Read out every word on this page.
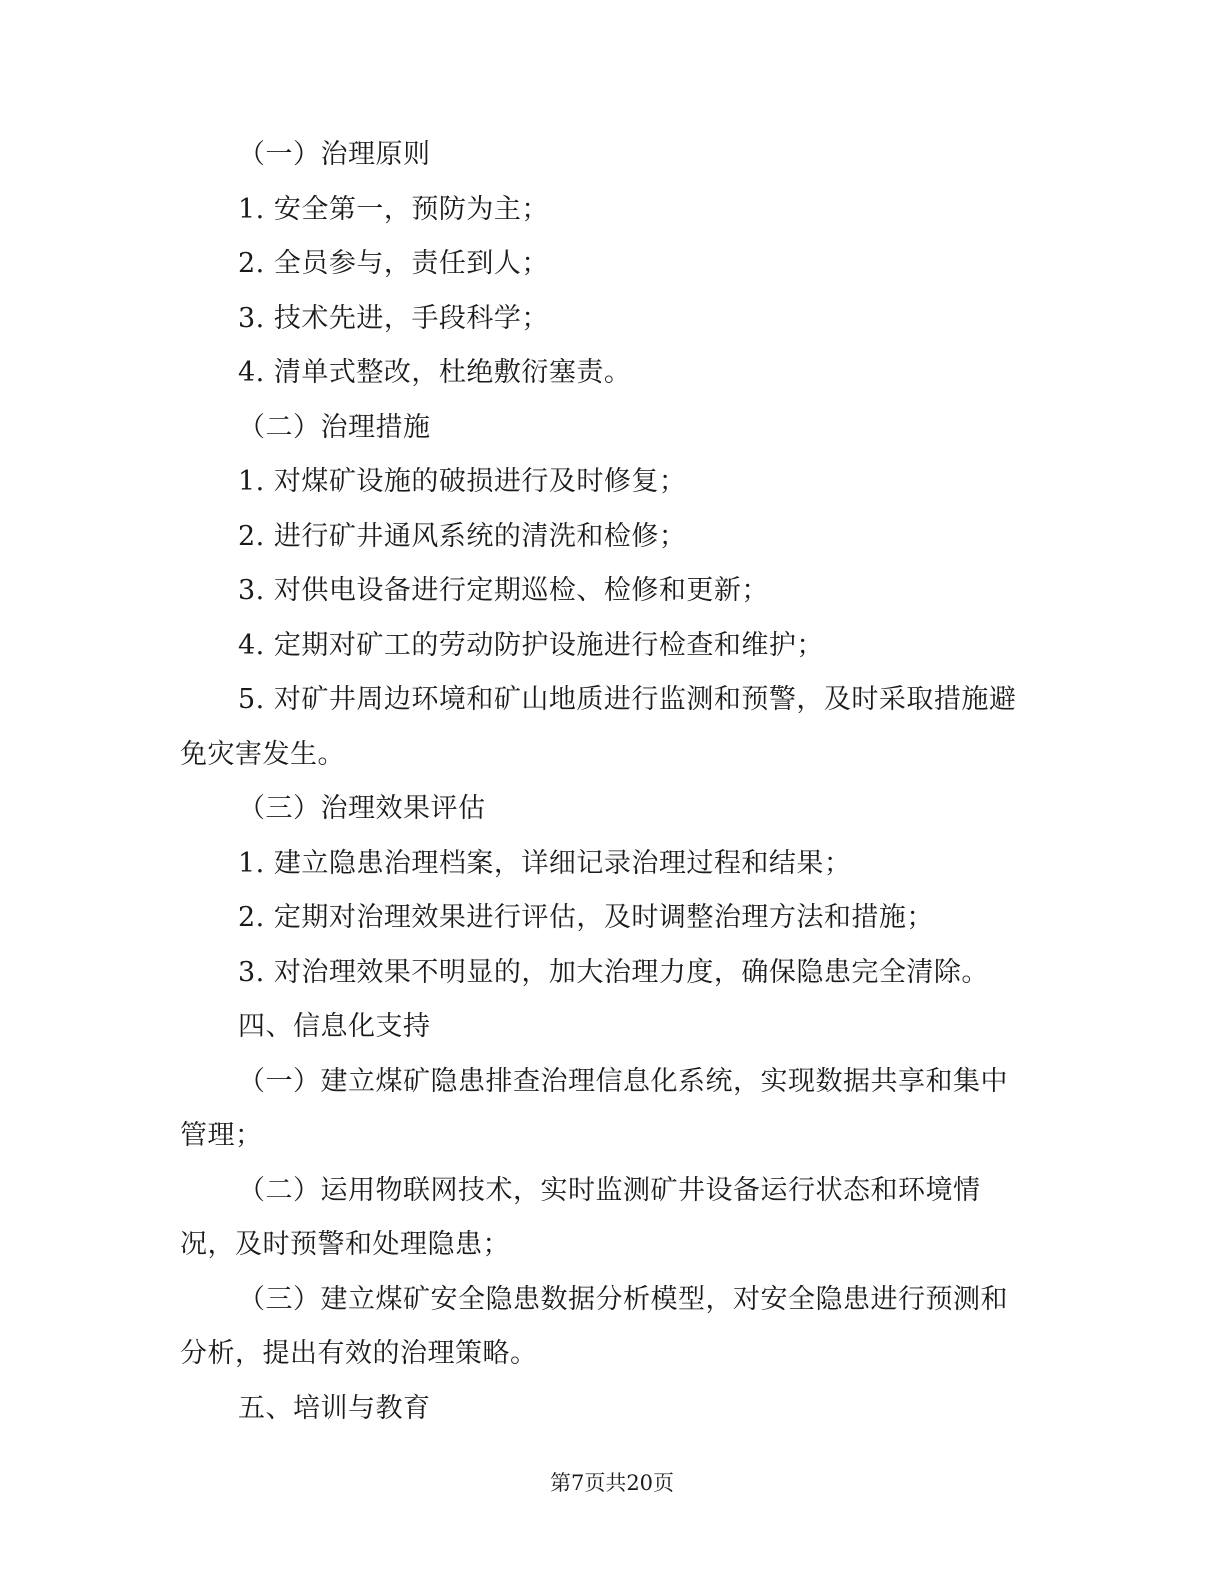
（一）治理原则

1. 安全第一，预防为主；

2. 全员参与，责任到人；

3. 技术先进，手段科学；

4. 清单式整改，杜绝敷衍塞责。

（二）治理措施

1. 对煤矿设施的破损进行及时修复；

2. 进行矿井通风系统的清洗和检修；

3. 对供电设备进行定期巡检、检修和更新；

4. 定期对矿工的劳动防护设施进行检查和维护；

5. 对矿井周边环境和矿山地质进行监测和预警，及时采取措施避免灾害发生。

（三）治理效果评估

1. 建立隐患治理档案，详细记录治理过程和结果；

2. 定期对治理效果进行评估，及时调整治理方法和措施；

3. 对治理效果不明显的，加大治理力度，确保隐患完全清除。

四、信息化支持

（一）建立煤矿隐患排查治理信息化系统，实现数据共享和集中管理；

（二）运用物联网技术，实时监测矿井设备运行状态和环境情况，及时预警和处理隐患；

（三）建立煤矿安全隐患数据分析模型，对安全隐患进行预测和分析，提出有效的治理策略。

五、培训与教育

第7页共20页
